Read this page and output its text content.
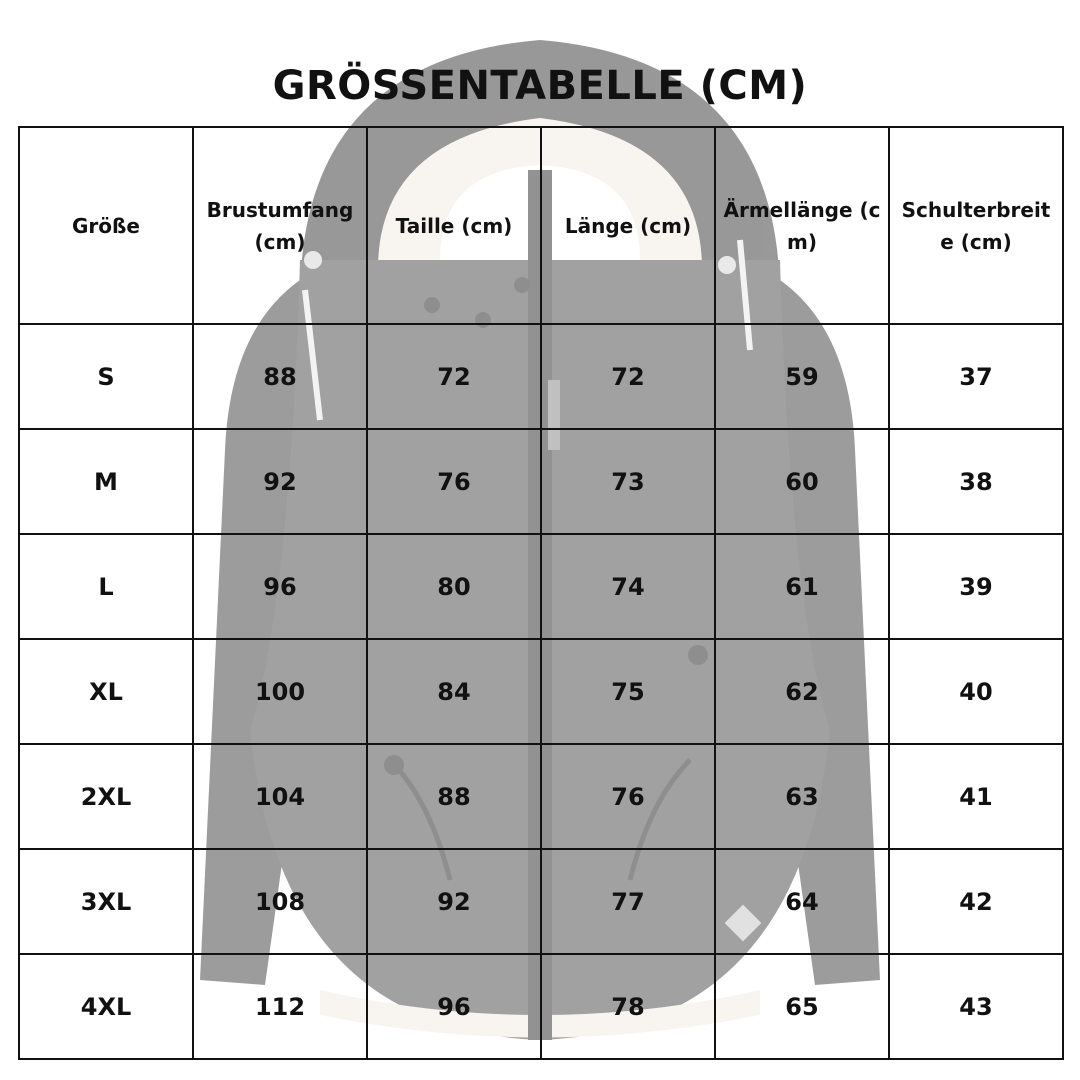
GRÖSSENTABELLE (CM)
Größe	Brustumfang (cm)	Taille (cm)	Länge (cm)	Ärmellänge (cm)	Schulterbreite (cm)
S	88	72	72	59	37
M	92	76	73	60	38
L	96	80	74	61	39
XL	100	84	75	62	40
2XL	104	88	76	63	41
3XL	108	92	77	64	42
4XL	112	96	78	65	43
